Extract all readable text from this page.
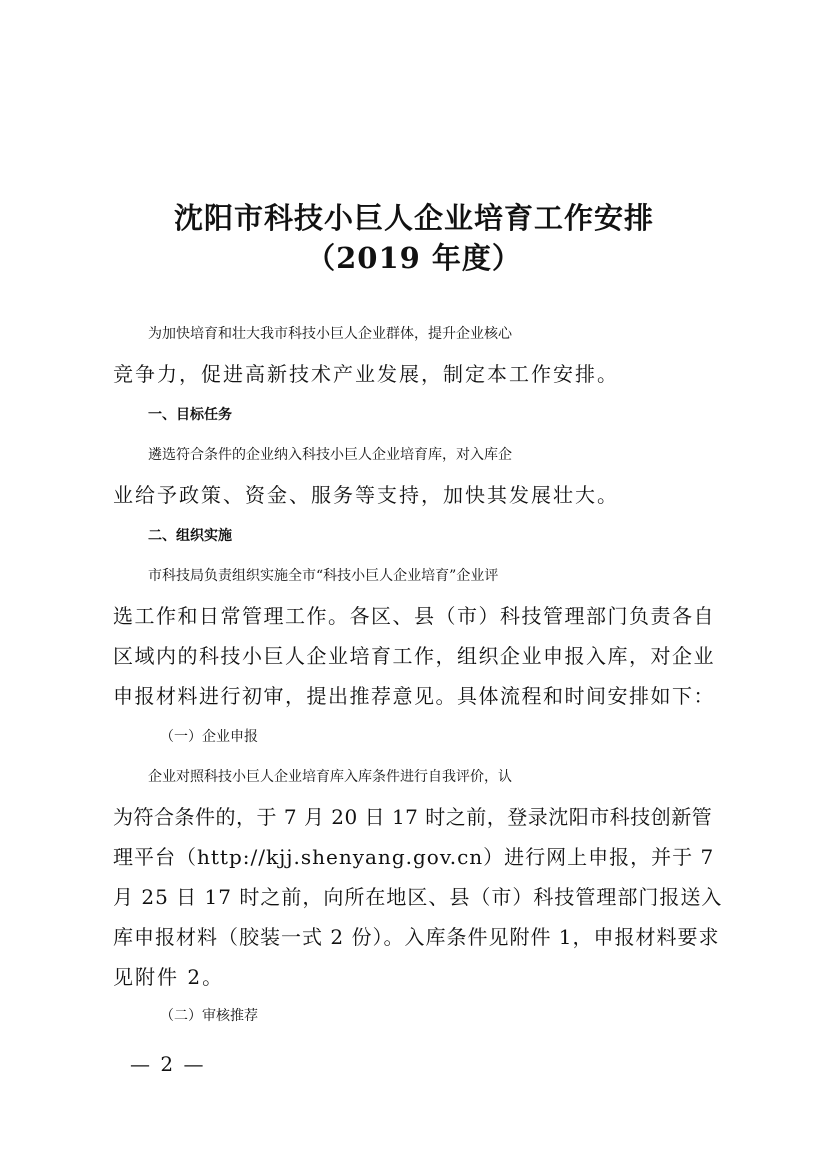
沈阳市科技小巨人企业培育工作安排
（2019 年度）
为加快培育和壮大我市科技小巨人企业群体，提升企业核心
竞争力，促进高新技术产业发展，制定本工作安排。
一、目标任务
遴选符合条件的企业纳入科技小巨人企业培育库，对入库企
业给予政策、资金、服务等支持，加快其发展壮大。
二、组织实施
市科技局负责组织实施全市“科技小巨人企业培育”企业评
选工作和日常管理工作。各区、县（市）科技管理部门负责各自
区域内的科技小巨人企业培育工作，组织企业申报入库，对企业
申报材料进行初审，提出推荐意见。具体流程和时间安排如下：
（一）企业申报
企业对照科技小巨人企业培育库入库条件进行自我评价，认
为符合条件的，于 7 月 20 日 17 时之前，登录沈阳市科技创新管
理平台（http://kjj.shenyang.gov.cn）进行网上申报，并于 7
月 25 日 17 时之前，向所在地区、县（市）科技管理部门报送入
库申报材料（胶装一式 2 份）。入库条件见附件 1，申报材料要求
见附件 2。
（二）审核推荐
— 2 —
